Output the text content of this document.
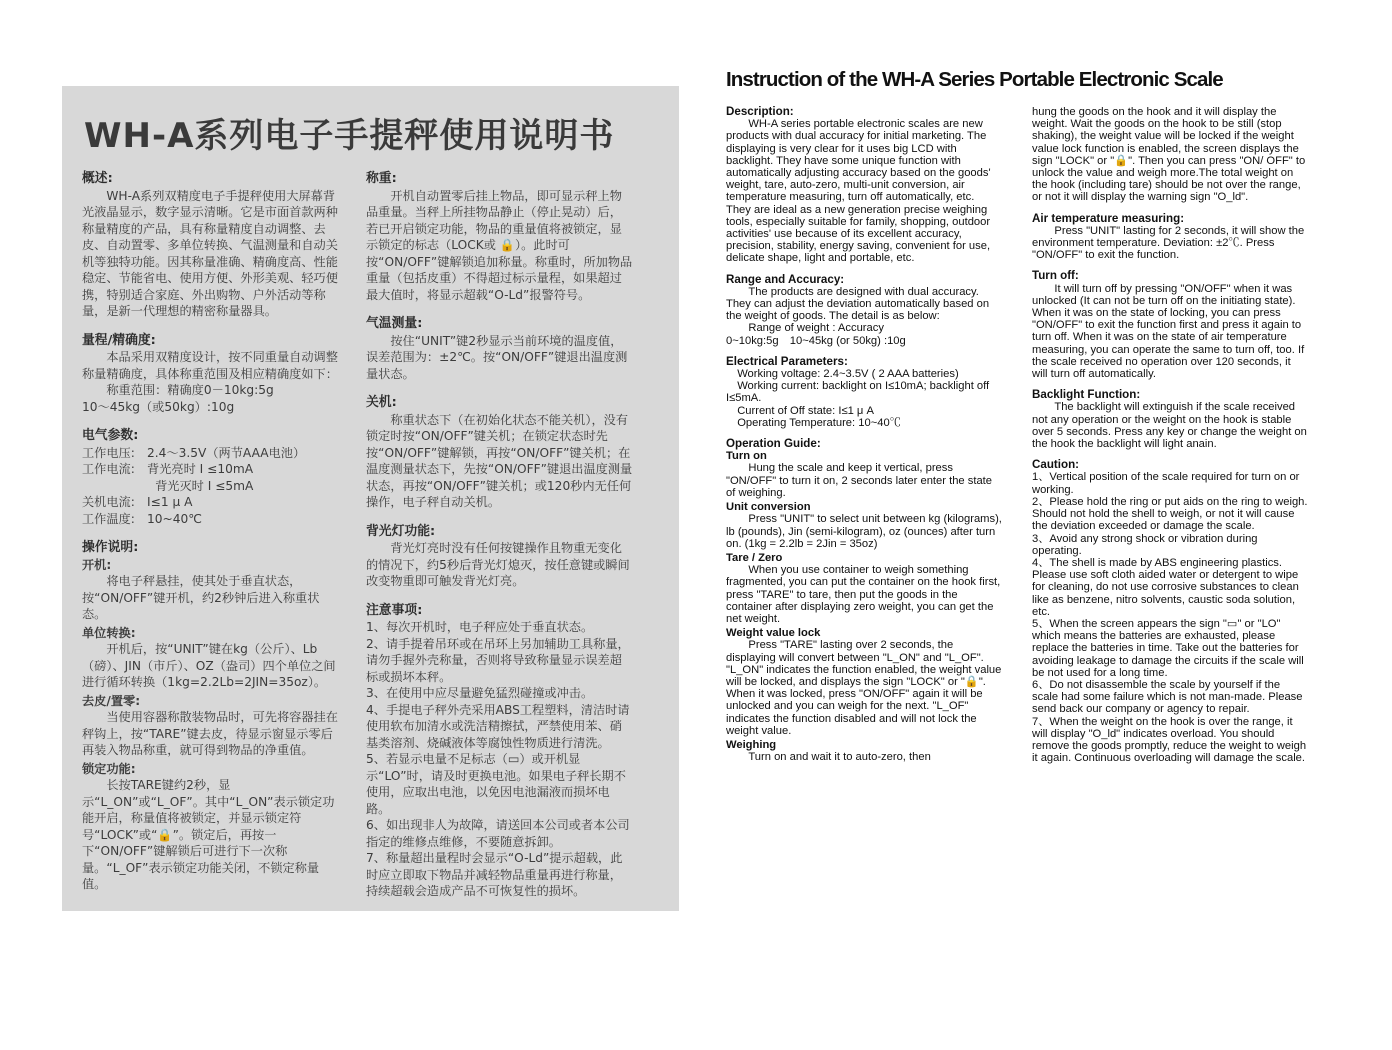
WH-A系列电子手提秤使用说明书
概述:
　　WH-A系列双精度电子手提秤使用大屏幕背光液晶显示，数字显示清晰。它是市面首款两种称量精度的产品，具有称量精度自动调整、去皮、自动置零、多单位转换、气温测量和自动关机等独特功能。因其称量准确、精确度高、性能稳定、节能省电、使用方便、外形美观、轻巧便携，特别适合家庭、外出购物、户外活动等称量，是新一代理想的精密称量器具。
量程/精确度:
　　本品采用双精度设计，按不同重量自动调整称量精确度，具体称重范围及相应精确度如下：
　　称重范围：精确度0－10kg:5g
10～45kg（或50kg）:10g
电气参数:
工作电压:　2.4～3.5V（两节AAA电池）
工作电流:　背光亮时 I ≤10mA
　　　　　　背光灭时 I ≤5mA
关机电流:　I≤1 μ A
工作温度:　10~40℃
操作说明:
开机:
　　将电子秤悬挂，使其处于垂直状态，按“ON/OFF”键开机，约2秒钟后进入称重状态。
单位转换:
　　开机后，按“UNIT”键在kg（公斤）、Lb（磅）、JIN（市斤）、OZ（盎司）四个单位之间进行循环转换（1kg=2.2Lb=2JIN=35oz）。
去皮/置零:
　　当使用容器称散装物品时，可先将容器挂在秤钩上，按“TARE”键去皮，待显示窗显示零后再装入物品称重，就可得到物品的净重值。
锁定功能:
　　长按TARE键约2秒，显示“L_ON”或“L_OF”。其中“L_ON”表示锁定功能开启，称量值将被锁定，并显示锁定符号“LOCK”或“🔒”。锁定后，再按一下“ON/OFF”键解锁后可进行下一次称量。“L_OF”表示锁定功能关闭，不锁定称量值。
称重:
　　开机自动置零后挂上物品，即可显示秤上物品重量。当秤上所挂物品静止（停止晃动）后，若已开启锁定功能，物品的重量值将被锁定，显示锁定的标志（LOCK或 🔒）。此时可按“ON/OFF”键解锁追加称量。称重时，所加物品重量（包括皮重）不得超过标示量程，如果超过最大值时，将显示超载“O-Ld”报警符号。
气温测量:
　　按住“UNIT”键2秒显示当前环境的温度值，误差范围为：±2℃。按“ON/OFF”键退出温度测量状态。
关机:
　　称重状态下（在初始化状态不能关机），没有锁定时按“ON/OFF”键关机；在锁定状态时先按“ON/OFF”键解锁，再按“ON/OFF”键关机；在温度测量状态下，先按“ON/OFF”键退出温度测量状态，再按“ON/OFF”键关机；或120秒内无任何操作，电子秤自动关机。
背光灯功能:
　　背光灯亮时没有任何按键操作且物重无变化的情况下，约5秒后背光灯熄灭，按任意键或瞬间改变物重即可触发背光灯亮。
注意事项:
1、每次开机时，电子秤应处于垂直状态。
2、请手提着吊环或在吊环上另加辅助工具称量，请勿手握外壳称量，否则将导致称量显示误差超标或损坏本秤。
3、在使用中应尽量避免猛烈碰撞或冲击。
4、手提电子秤外壳采用ABS工程塑料，清洁时请使用软布加清水或洗洁精擦拭，严禁使用苯、硝基类溶剂、烧碱液体等腐蚀性物质进行清洗。
5、若显示电量不足标志（▭）或开机显示“LO”时，请及时更换电池。如果电子秤长期不使用，应取出电池，以免因电池漏液而损坏电路。
6、如出现非人为故障，请送回本公司或者本公司指定的维修点维修，不要随意拆卸。
7、称量超出量程时会显示“O-Ld”提示超载，此时应立即取下物品并减轻物品重量再进行称量，持续超载会造成产品不可恢复性的损坏。
Instruction of the WH-A Series Portable Electronic Scale
Description:
　　WH-A series portable electronic scales are new products with dual accuracy for initial marketing. The displaying is very clear for it uses big LCD with backlight. They have some unique function with automatically adjusting accuracy based on the goods' weight, tare, auto-zero, multi-unit conversion, air temperature measuring, turn off automatically, etc. They are ideal as a new generation precise weighing tools, especially suitable for family, shopping, outdoor activities' use because of its excellent accuracy, precision, stability, energy saving, convenient for use, delicate shape, light and portable, etc.
Range and Accuracy:
　　The products are designed with dual accuracy. They can adjust the deviation automatically based on the weight of goods. The detail is as below:
　　Range of weight : Accuracy
0~10kg:5g　10~45kg (or 50kg) :10g
Electrical Parameters:
　Working voltage: 2.4~3.5V ( 2 AAA batteries)
　Working current: backlight on I≤10mA; backlight off I≤5mA.
　Current of Off state: I≤1 μ A
　Operating Temperature: 10~40℃
Operation Guide:
Turn on
　　Hung the scale and keep it vertical, press "ON/OFF" to turn it on, 2 seconds later enter the state of weighing.
Unit conversion
　　Press "UNIT" to select unit between kg (kilograms), lb (pounds), Jin (semi-kilogram), oz (ounces) after turn on. (1kg = 2.2lb = 2Jin = 35oz)
Tare / Zero
　　When you use container to weigh something fragmented, you can put the container on the hook first, press "TARE" to tare, then put the goods in the container after displaying zero weight, you can get the net weight.
Weight value lock
　　Press "TARE" lasting over 2 seconds, the displaying will convert between "L_ON" and "L_OF". "L_ON" indicates the function enabled, the weight value will be locked, and displays the sign "LOCK" or "🔒". When it was locked, press "ON/OFF" again it will be unlocked and you can weigh for the next. "L_OF" indicates the function disabled and will not lock the weight value.
Weighing
　　Turn on and wait it to auto-zero, then
hung the goods on the hook and it will display the weight. Wait the goods on the hook to be still (stop shaking), the weight value will be locked if the weight value lock function is enabled, the screen displays the sign "LOCK" or "🔒". Then you can press "ON/ OFF" to unlock the value and weigh more.The total weight on the hook (including tare) should be not over the range, or not it will display the warning sign "O_ld".
Air temperature measuring:
　　Press "UNIT" lasting for 2 seconds, it will show the environment temperature. Deviation: ±2℃. Press "ON/OFF" to exit the function.
Turn off:
　　It will turn off by pressing "ON/OFF" when it was unlocked (It can not be turn off on the initiating state). When it was on the state of locking, you can press "ON/OFF" to exit the function first and press it again to turn off. When it was on the state of air temperature measuring, you can operate the same to turn off, too. If the scale received no operation over 120 seconds, it will turn off automatically.
Backlight Function:
　　The backlight will extinguish if the scale received not any operation or the weight on the hook is stable over 5 seconds. Press any key or change the weight on the hook the backlight will light anain.
Caution:
1、Vertical position of the scale required for turn on or working.
2、Please hold the ring or put aids on the ring to weigh. Should not hold the shell to weigh, or not it will cause the deviation exceeded or damage the scale.
3、Avoid any strong shock or vibration during operating.
4、The shell is made by ABS engineering plastics. Please use soft cloth aided water or detergent to wipe for cleaning, do not use corrosive substances to clean like as benzene, nitro solvents, caustic soda solution, etc.
5、When the screen appears the sign "▭" or "LO" which means the batteries are exhausted, please replace the batteries in time. Take out the batteries for avoiding leakage to damage the circuits if the scale will be not used for a long time.
6、Do not disassemble the scale by yourself if the scale had some failure which is not man-made. Please send back our company or agency to repair.
7、When the weight on the hook is over the range, it will display "O_ld" indicates overload. You should remove the goods promptly, reduce the weight to weigh it again. Continuous overloading will damage the scale.
